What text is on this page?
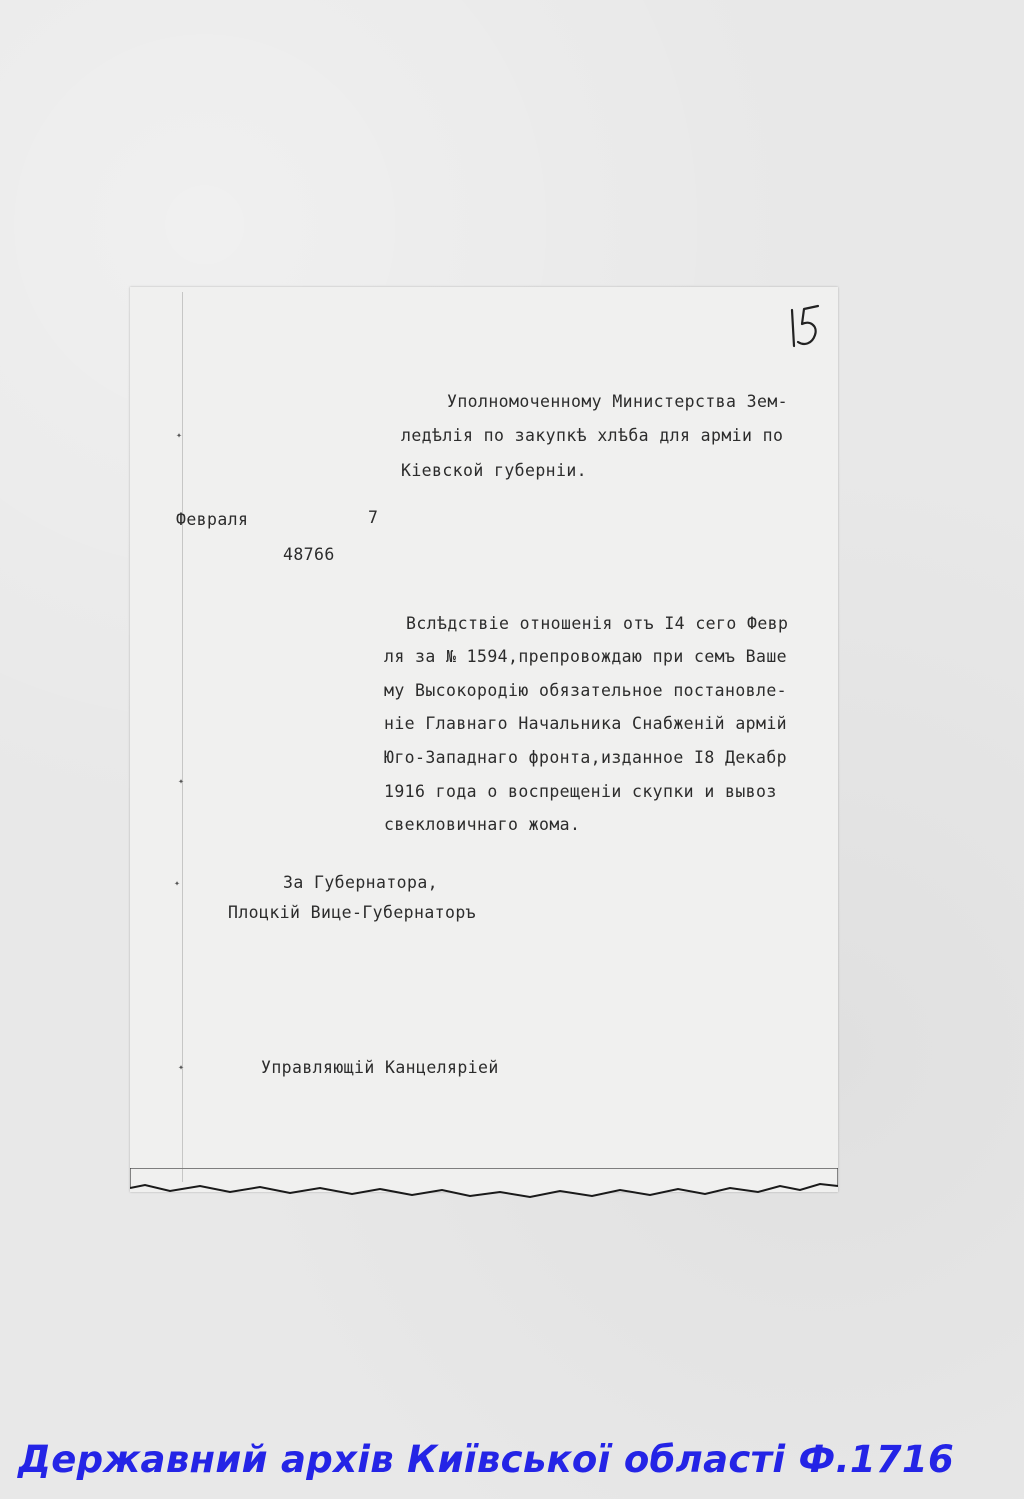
✦
✦
✦
✦

Уполномоченному Министерства Зем-

ледѣлія по закупкѣ хлѣба для арміи по

Кіевской губерніи.

Февраля	7

48766

Вслѣдствіе отношенія отъ I4 сего Февр

ля за № 1594,препровождаю при семъ Ваше

му Высокородію обязательное постановле-

ніе Главнаго Начальника Снабженій армій

Юго-Западнаго фронта,изданное I8 Декабр

1916 года о воспрещеніи скупки и вывоз

свекловичнаго жома.

За Губернатора,

Плоцкій Вице-Губернаторъ

Управляющій Канцеляріей

Державний архів Київської області Ф.1716
